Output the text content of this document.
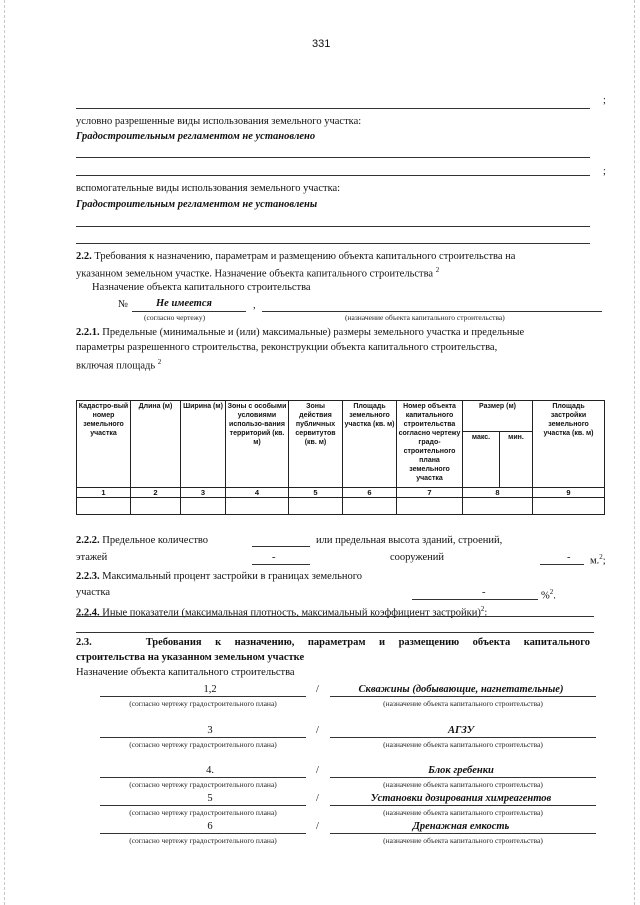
331
;
условно разрешенные виды использования земельного участка:
Градостроительным регламентом не установлено
;
вспомогательные виды использования земельного участка:
Градостроительным регламентом не установлены
2.2. Требования к назначению, параметрам и размещению объекта капитального строительства на
указанном земельном участке. Назначение объекта капитального строительства $^2$
Назначение объекта капитального строительства
№	Не имеется	,
(согласно чертежу)	(назначение объекта капитального строительства)
2.2.1. Предельные (минимальные и (или) максимальные) размеры земельного участка и предельные
параметры разрешенного строительства, реконструкции объекта капитального строительства,
включая площадь $^2$
Кадастро-вый номер земельного участка	Длина (м)	Ширина (м)	Зоны с особыми условиями использо-вания территорий (кв. м)	Зоны действия публичных сервитутов (кв. м)	Площадь земельного участка (кв. м)	Номер объекта капитального строительства согласно чертежу градо-строительного плана земельного участка	Размер (м)		Площадь застройки земельного участка (кв. м)
							макс.	мин.	
1	2	3	4	5	6	7	8		9

2.2.2. Предельное количество	или предельная высота зданий, строений,
этажей	-	сооружений	- м.$^2$;
2.2.3. Максимальный процент застройки в границах земельного
участка	-	%$^2$.
2.2.4. Иные показатели (максимальная плотность, максимальный коэффициент застройки)$^2$:
2.3.	Требования к назначению, параметрам и размещению объекта капитального
строительства на указанном земельном участке
Назначение объекта капитального строительства
1,2	/	Скважины (добывающие, нагнетательные)
(согласно чертежу градостроительного плана)	(назначение объекта капитального строительства)
3	/	АГЗУ
(согласно чертежу градостроительного плана)	(назначение объекта капитального строительства)
4.	/	Блок гребенки
(согласно чертежу градостроительного плана)	(назначение объекта капитального строительства)
5	/	Установки дозирования химреагентов
(согласно чертежу градостроительного плана)	(назначение объекта капитального строительства)
6	/	Дренажная емкость
(согласно чертежу градостроительного плана)	(назначение объекта капитального строительства)
